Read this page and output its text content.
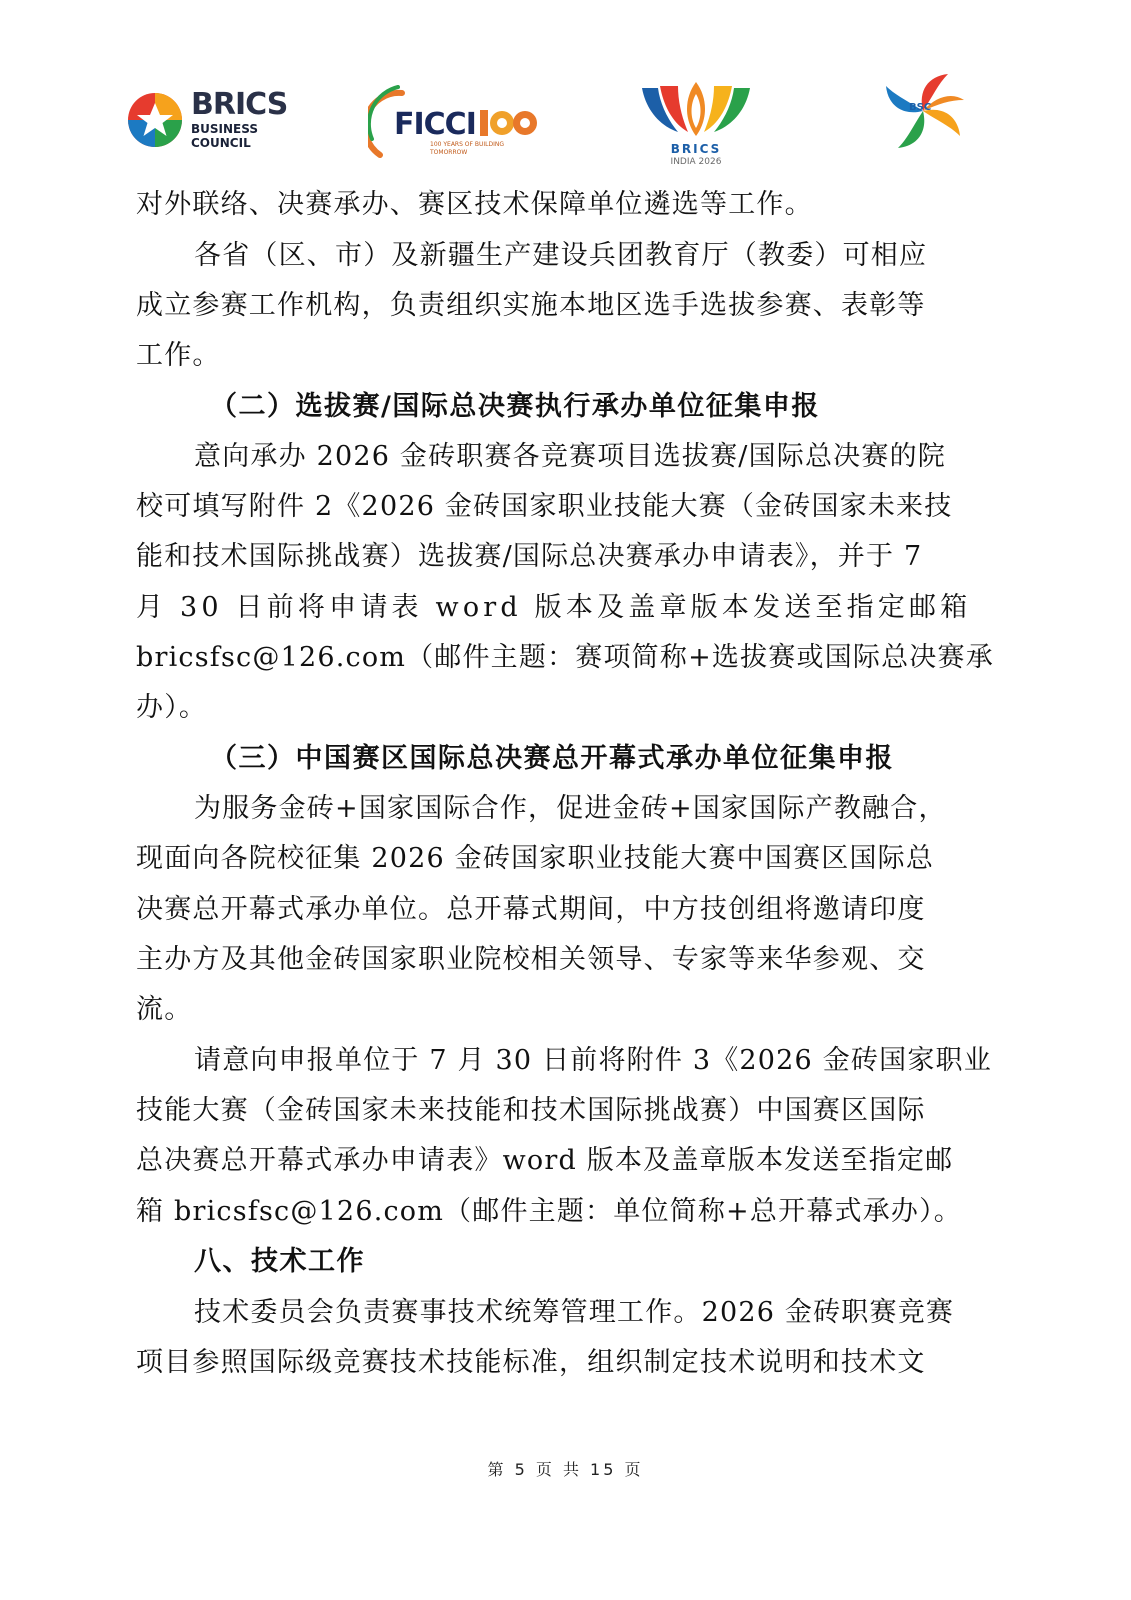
BRICS
BUSINESS
COUNCIL
FICCI
100 YEARS OF BUILDING
TOMORROW	BRICS
INDIA 2026
BSC
对外联络、决赛承办、赛区技术保障单位遴选等工作。
各省（区、市）及新疆生产建设兵团教育厅（教委）可相应
成立参赛工作机构，负责组织实施本地区选手选拔参赛、表彰等
工作。
（二）选拔赛/国际总决赛执行承办单位征集申报
意向承办 2026 金砖职赛各竞赛项目选拔赛/国际总决赛的院
校可填写附件 2《2026 金砖国家职业技能大赛（金砖国家未来技
能和技术国际挑战赛）选拔赛/国际总决赛承办申请表》，并于 7
月 30 日前将申请表 word 版本及盖章版本发送至指定邮箱
bricsfsc@126.com（邮件主题：赛项简称+选拔赛或国际总决赛承
办）。
（三）中国赛区国际总决赛总开幕式承办单位征集申报
为服务金砖+国家国际合作，促进金砖+国家国际产教融合，
现面向各院校征集 2026 金砖国家职业技能大赛中国赛区国际总
决赛总开幕式承办单位。总开幕式期间，中方技创组将邀请印度
主办方及其他金砖国家职业院校相关领导、专家等来华参观、交
流。
请意向申报单位于 7 月 30 日前将附件 3《2026 金砖国家职业
技能大赛（金砖国家未来技能和技术国际挑战赛）中国赛区国际
总决赛总开幕式承办申请表》word 版本及盖章版本发送至指定邮
箱 bricsfsc@126.com（邮件主题：单位简称+总开幕式承办）。
八、技术工作
技术委员会负责赛事技术统筹管理工作。2026 金砖职赛竞赛
项目参照国际级竞赛技术技能标准，组织制定技术说明和技术文
第 5 页 共 15 页
